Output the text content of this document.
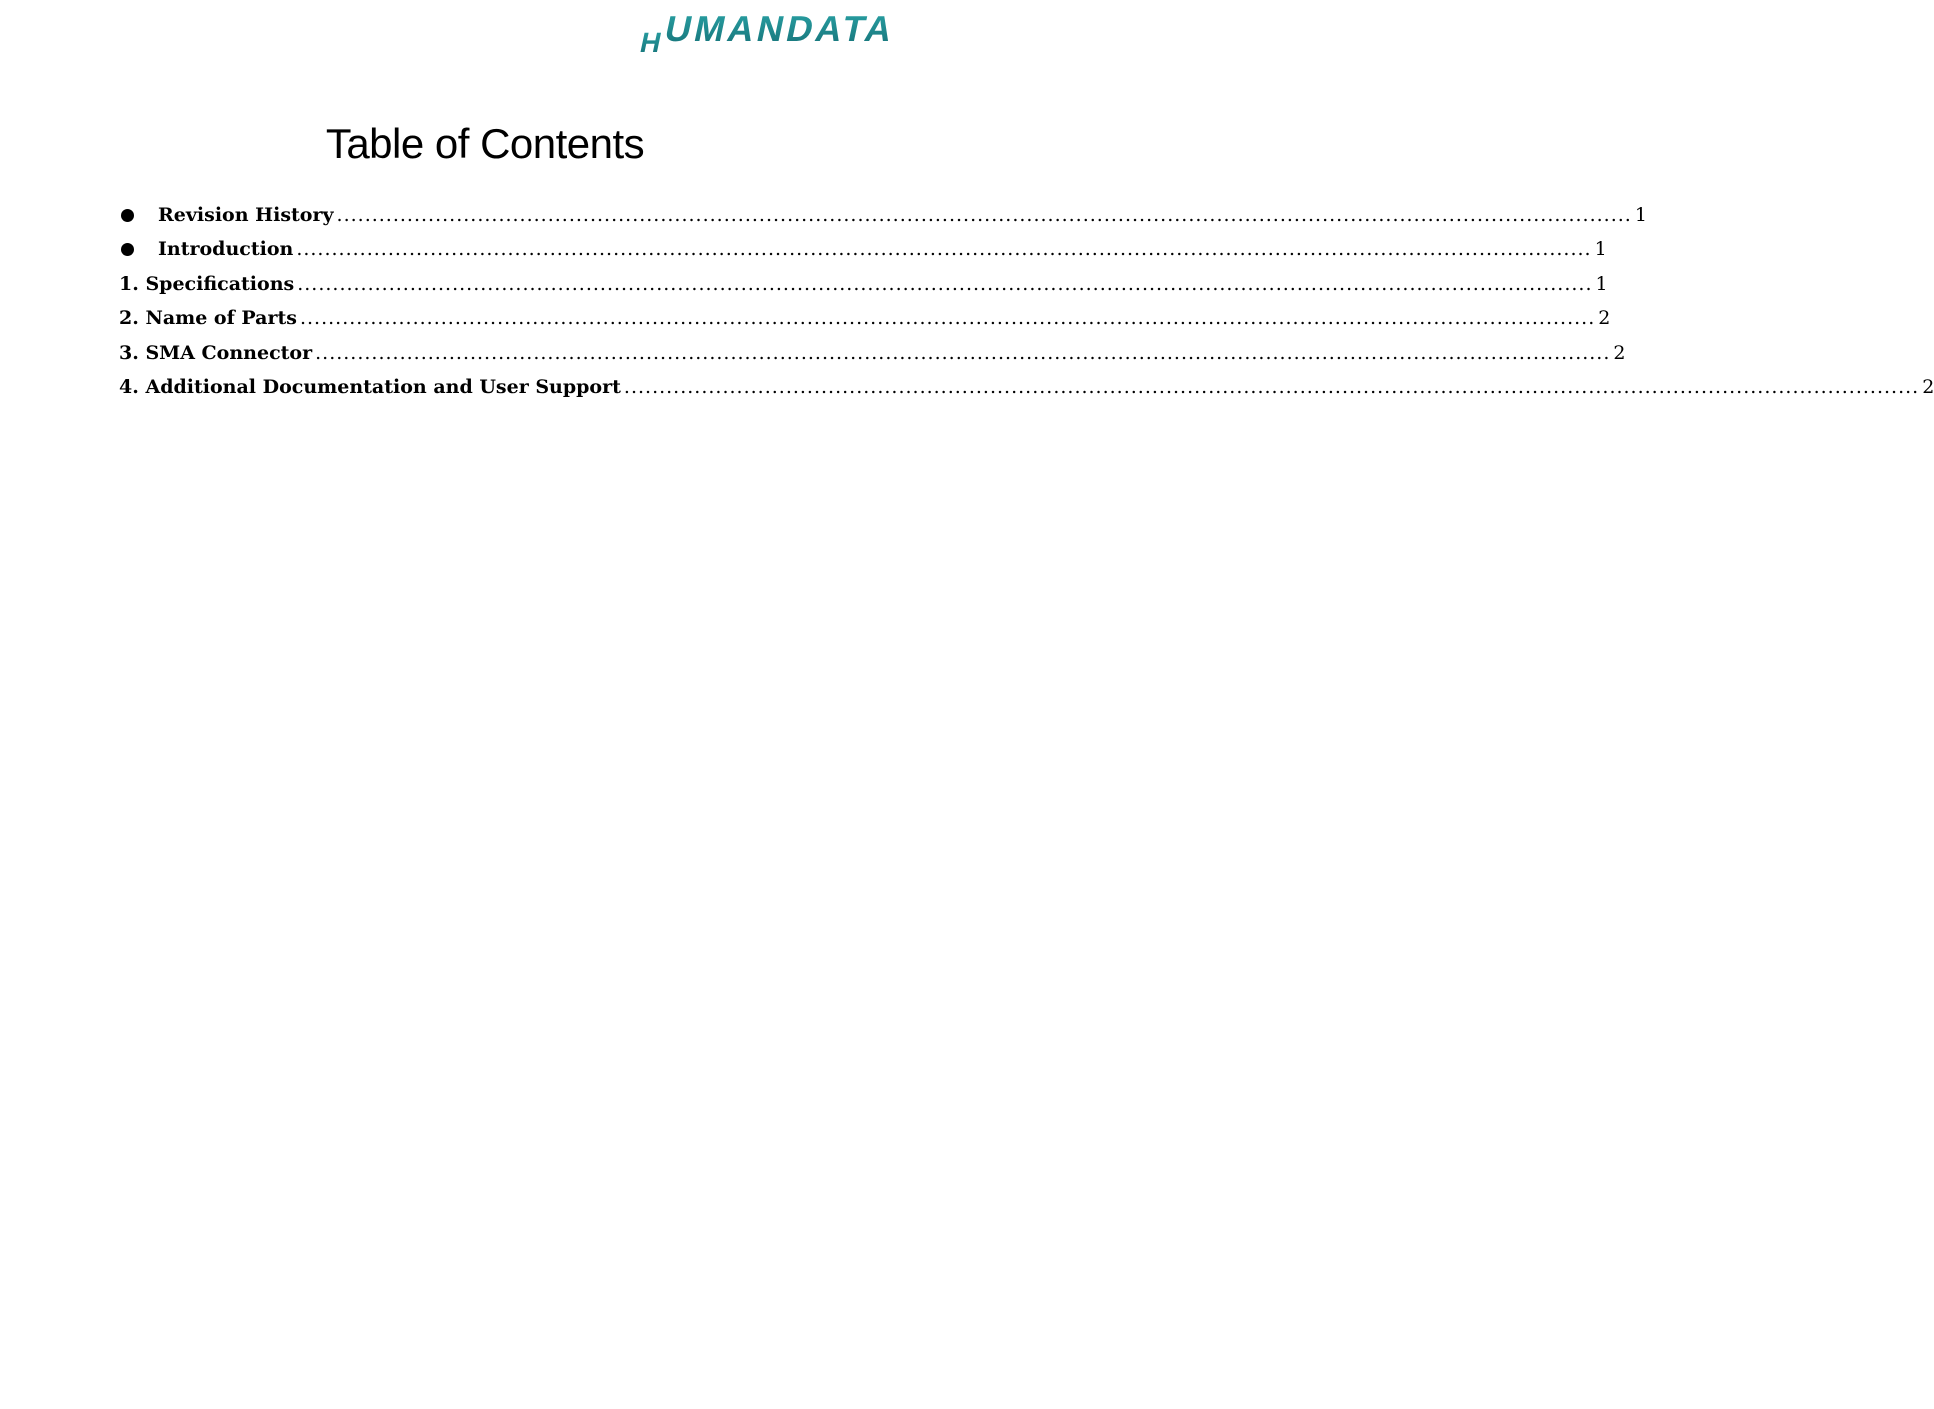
H
UMANDATA
Table of Contents
Revision History .....	1
Introduction .....	1
1. Specifications .....	1
2. Name of Parts .....	2
3. SMA Connector .....	2
4. Additional Documentation and User Support .....	2
